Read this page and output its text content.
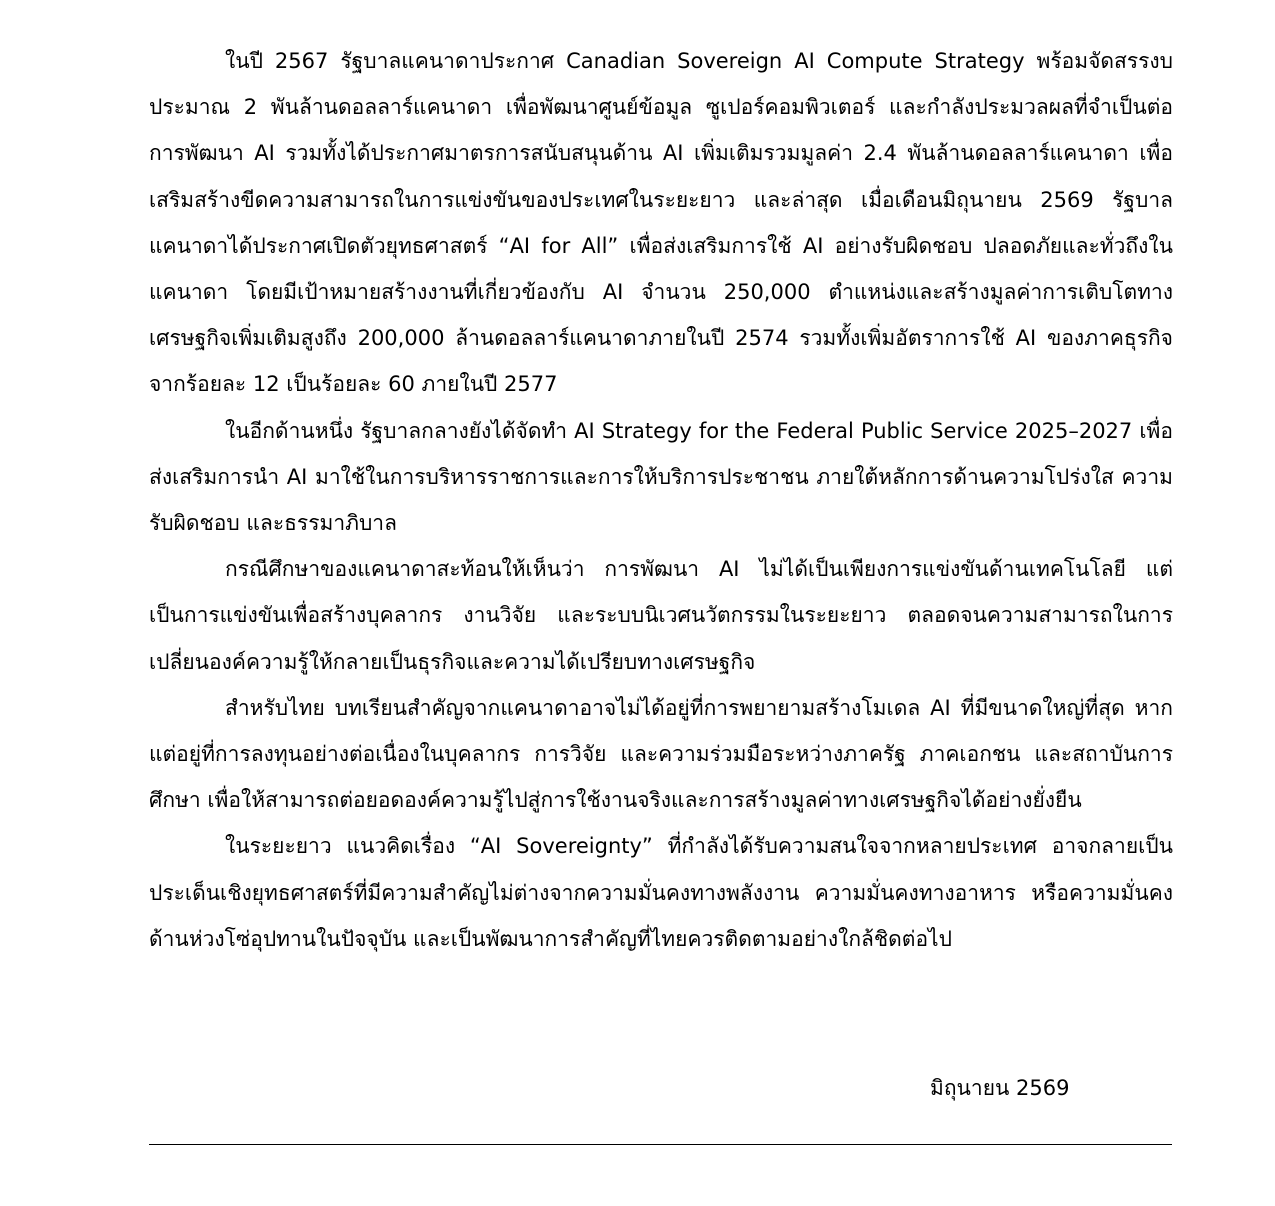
ในปี 2567 รัฐบาลแคนาดาประกาศ Canadian Sovereign AI Compute Strategy พร้อมจัดสรรงบประมาณ 2 พันล้านดอลลาร์แคนาดา เพื่อพัฒนาศูนย์ข้อมูล ซูเปอร์คอมพิวเตอร์ และกำลังประมวลผลที่จำเป็นต่อการพัฒนา AI รวมทั้งได้ประกาศมาตรการสนับสนุนด้าน AI เพิ่มเติมรวมมูลค่า 2.4 พันล้านดอลลาร์แคนาดา เพื่อเสริมสร้างขีดความสามารถในการแข่งขันของประเทศในระยะยาว และล่าสุด เมื่อเดือนมิถุนายน 2569 รัฐบาลแคนาดาได้ประกาศเปิดตัวยุทธศาสตร์ “AI for All” เพื่อส่งเสริมการใช้ AI อย่างรับผิดชอบ ปลอดภัยและทั่วถึงในแคนาดา โดยมีเป้าหมายสร้างงานที่เกี่ยวข้องกับ AI จำนวน 250,000 ตำแหน่งและสร้างมูลค่าการเติบโตทางเศรษฐกิจเพิ่มเติมสูงถึง 200,000 ล้านดอลลาร์แคนาดาภายในปี 2574 รวมทั้งเพิ่มอัตราการใช้ AI ของภาคธุรกิจจากร้อยละ 12 เป็นร้อยละ 60 ภายในปี 2577

ในอีกด้านหนึ่ง รัฐบาลกลางยังได้จัดทำ AI Strategy for the Federal Public Service 2025–2027 เพื่อส่งเสริมการนำ AI มาใช้ในการบริหารราชการและการให้บริการประชาชน ภายใต้หลักการด้านความโปร่งใส ความรับผิดชอบ และธรรมาภิบาล

กรณีศึกษาของแคนาดาสะท้อนให้เห็นว่า การพัฒนา AI ไม่ได้เป็นเพียงการแข่งขันด้านเทคโนโลยี แต่เป็นการแข่งขันเพื่อสร้างบุคลากร งานวิจัย และระบบนิเวศนวัตกรรมในระยะยาว ตลอดจนความสามารถในการเปลี่ยนองค์ความรู้ให้กลายเป็นธุรกิจและความได้เปรียบทางเศรษฐกิจ

สำหรับไทย บทเรียนสำคัญจากแคนาดาอาจไม่ได้อยู่ที่การพยายามสร้างโมเดล AI ที่มีขนาดใหญ่ที่สุด หากแต่อยู่ที่การลงทุนอย่างต่อเนื่องในบุคลากร การวิจัย และความร่วมมือระหว่างภาครัฐ ภาคเอกชน และสถาบันการศึกษา เพื่อให้สามารถต่อยอดองค์ความรู้ไปสู่การใช้งานจริงและการสร้างมูลค่าทางเศรษฐกิจได้อย่างยั่งยืน

ในระยะยาว แนวคิดเรื่อง “AI Sovereignty” ที่กำลังได้รับความสนใจจากหลายประเทศ อาจกลายเป็นประเด็นเชิงยุทธศาสตร์ที่มีความสำคัญไม่ต่างจากความมั่นคงทางพลังงาน ความมั่นคงทางอาหาร หรือความมั่นคงด้านห่วงโซ่อุปทานในปัจจุบัน และเป็นพัฒนาการสำคัญที่ไทยควรติดตามอย่างใกล้ชิดต่อไป

มิถุนายน 2569
